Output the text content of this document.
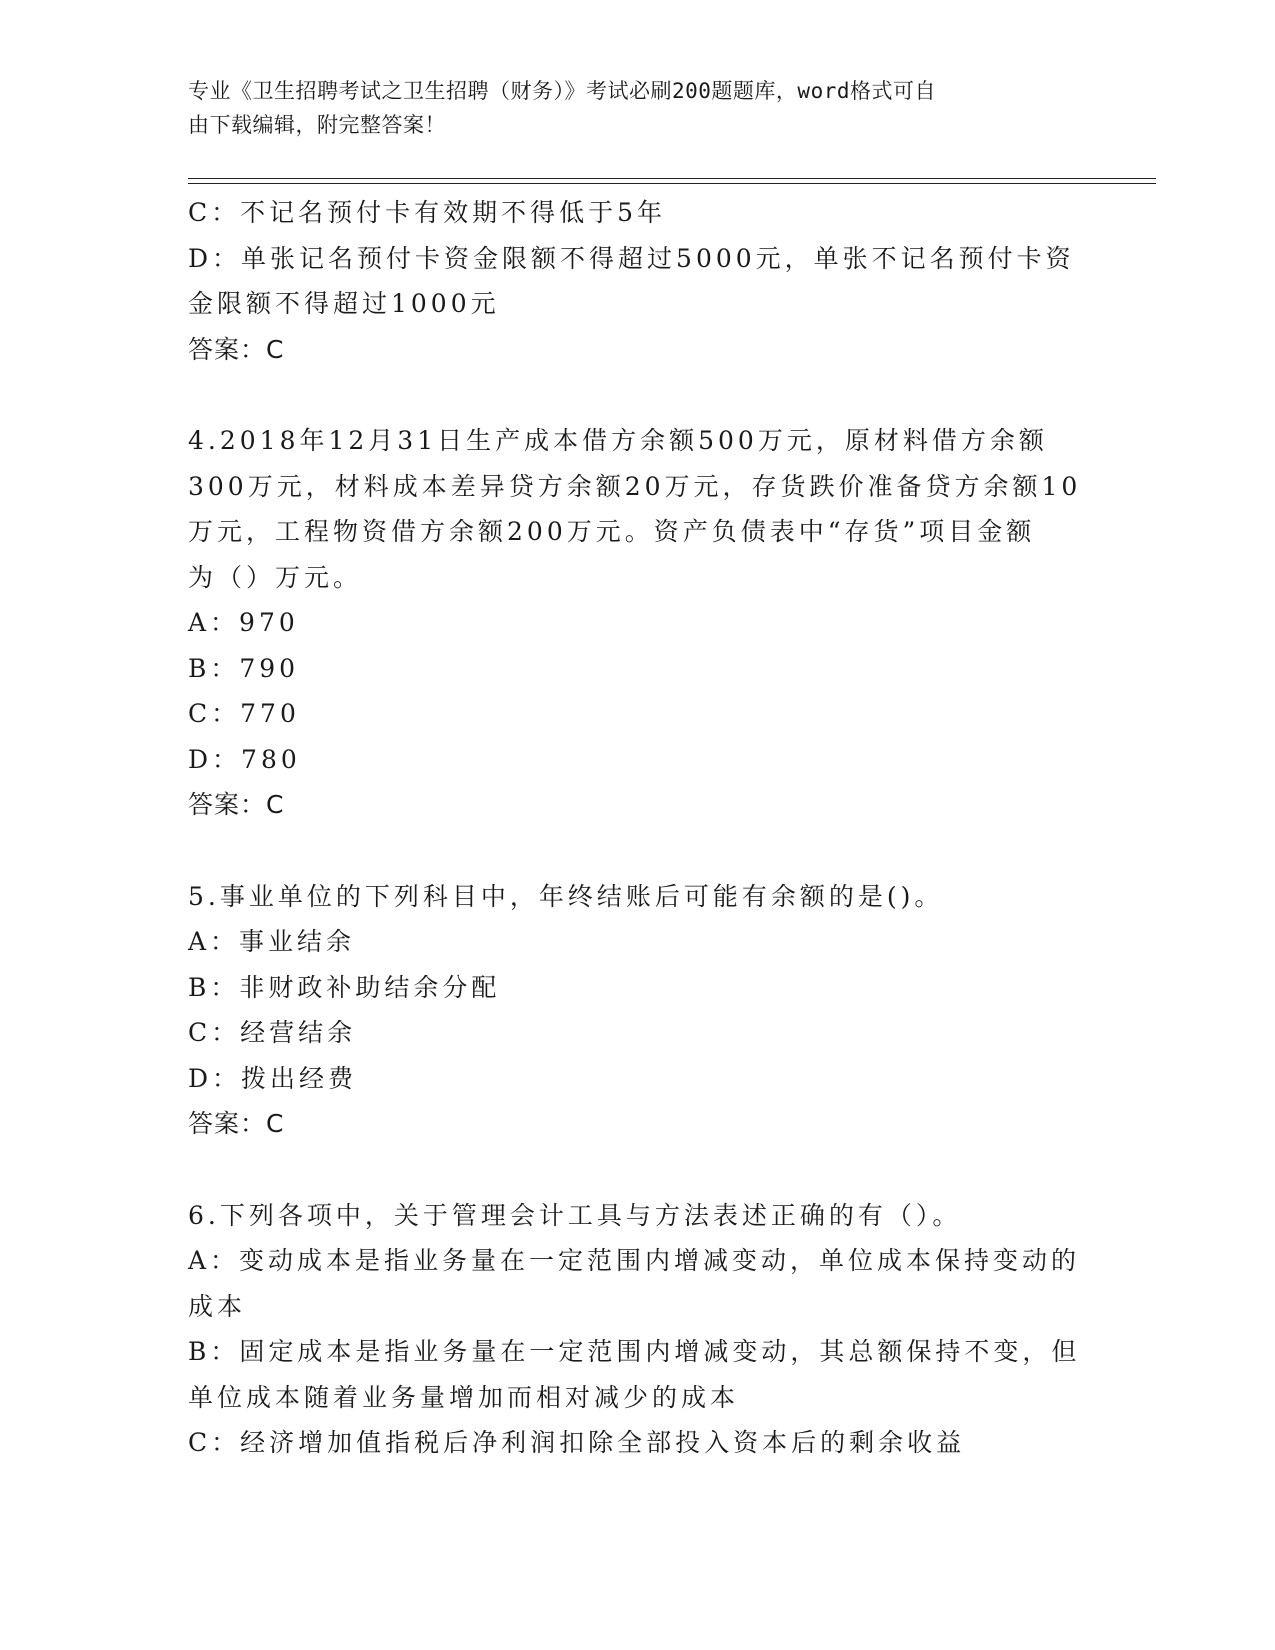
专业《卫生招聘考试之卫生招聘（财务）》考试必刷200题题库，word格式可自
由下载编辑，附完整答案！
C：不记名预付卡有效期不得低于5年
D：单张记名预付卡资金限额不得超过5000元，单张不记名预付卡资
金限额不得超过1000元
答案：C
4.2018年12月31日生产成本借方余额500万元，原材料借方余额
300万元，材料成本差异贷方余额20万元，存货跌价准备贷方余额10
万元，工程物资借方余额200万元。资产负债表中“存货”项目金额
为（）万元。
A：970
B：790
C：770
D：780
答案：C
5.事业单位的下列科目中，年终结账后可能有余额的是()。
A：事业结余
B：非财政补助结余分配
C：经营结余
D：拨出经费
答案：C
6.下列各项中，关于管理会计工具与方法表述正确的有（）。
A：变动成本是指业务量在一定范围内增减变动，单位成本保持变动的
成本
B：固定成本是指业务量在一定范围内增减变动，其总额保持不变，但
单位成本随着业务量增加而相对减少的成本
C：经济增加值指税后净利润扣除全部投入资本后的剩余收益
